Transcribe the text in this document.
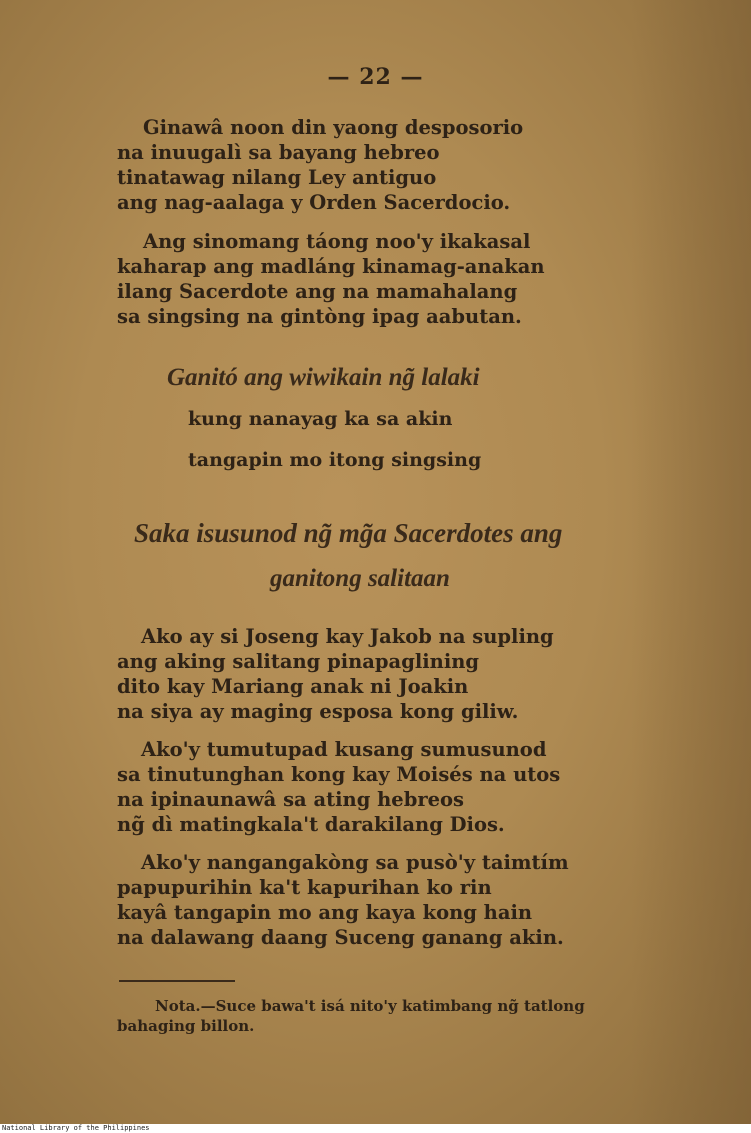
— 22 —
Ginawâ noon din yaong desposorio
na inuugalì sa bayang hebreo
tinatawag nilang Ley antiguo
ang nag-aalaga y Orden Sacerdocio.
Ang sinomang táong noo'y ikakasal
kaharap ang madláng kinamag-anakan
ilang Sacerdote ang na mamahalang
sa singsing na gintòng ipag aabutan.
Ganitó ang wiwikain ng̃ lalaki
kung nanayag ka sa akin
tangapin mo itong singsing
Saka isusunod ng̃ mg̃a Sacerdotes ang
ganitong salitaan
Ako ay si Joseng kay Jakob na supling
ang aking salitang pinapaglining
dito kay Mariang anak ni Joakin
na siya ay maging esposa kong giliw.
Ako'y tumutupad kusang sumusunod
sa tinutunghan kong kay Moisés na utos
na ipinaunawâ sa ating hebreos
ng̃ dì matingkala't darakilang Dios.
Ako'y nangangakòng sa pusò'y taimtím
papupurihin ka't kapurihan ko rin
kayâ tangapin mo ang kaya kong hain
na dalawang daang Suceng ganang akin.
Nota.—Suce bawa't isá nito'y katimbang ng̃ tatlong
bahaging billon.
National Library of the Philippines
